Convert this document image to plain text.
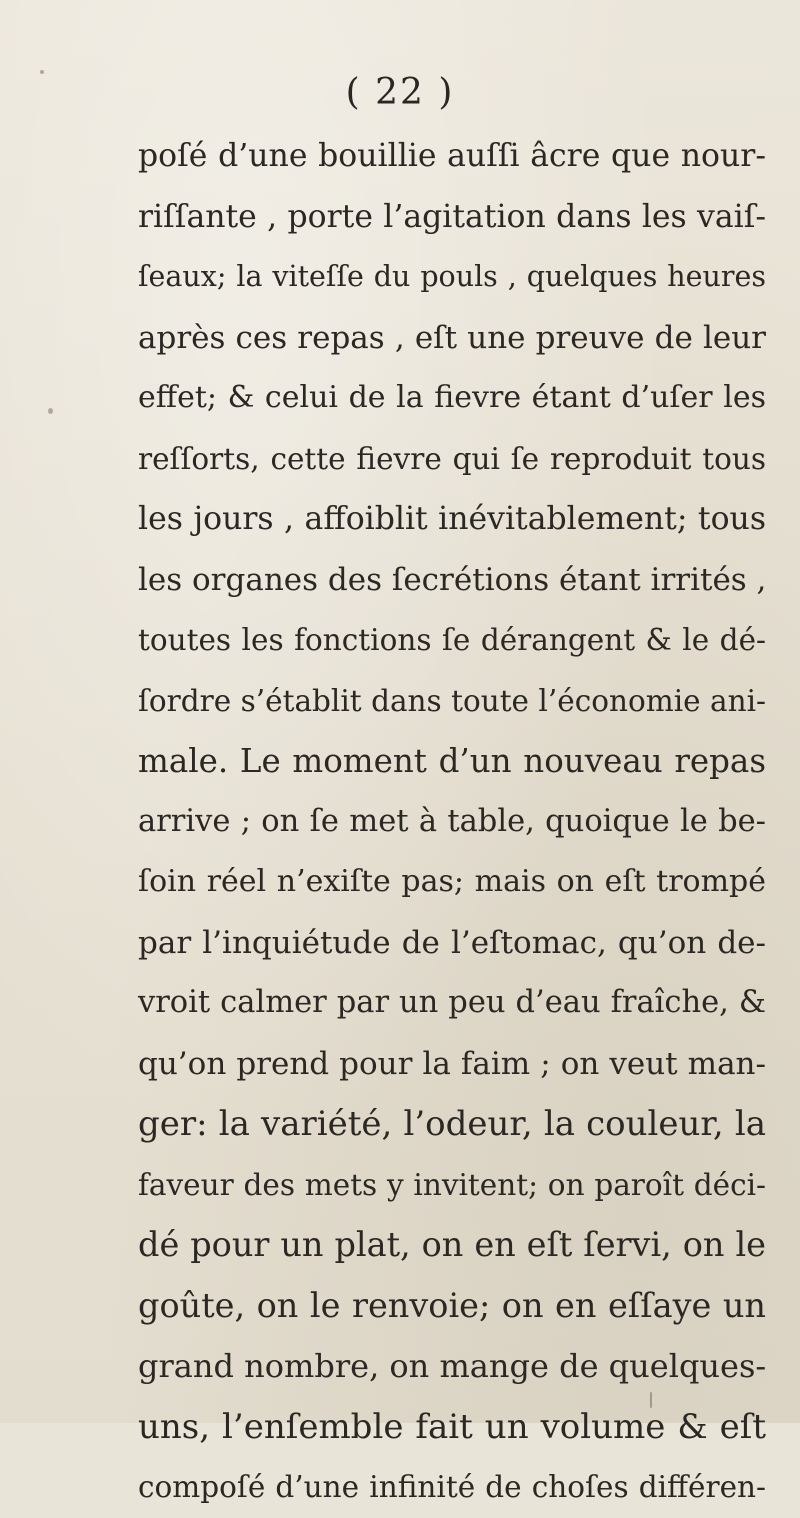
( 22 )
poſé d’une bouillie auſſi âcre que nour-
riſſante , porte l’agitation dans les vaiſ-
ſeaux; la viteſſe du pouls , quelques heures
après ces repas , eſt une preuve de leur
effet; & celui de la fievre étant d’uſer les
reſſorts, cette fievre qui ſe reproduit tous
les jours , affoiblit inévitablement; tous
les organes des ſecrétions étant irrités ,
toutes les fonctions ſe dérangent & le dé-
ſordre s’établit dans toute l’économie ani-
male. Le moment d’un nouveau repas
arrive ; on ſe met à table, quoique le be-
ſoin réel n’exiſte pas; mais on eſt trompé
par l’inquiétude de l’eſtomac, qu’on de-
vroit calmer par un peu d’eau fraîche, &
qu’on prend pour la faim ; on veut man-
ger: la variété, l’odeur, la couleur, la
faveur des mets y invitent; on paroît déci-
dé pour un plat, on en eſt ſervi, on le
goûte, on le renvoie; on en eſſaye un
grand nombre, on mange de quelques-
uns, l’enſemble fait un volume & eſt
compoſé d’une infinité de choſes différen-
